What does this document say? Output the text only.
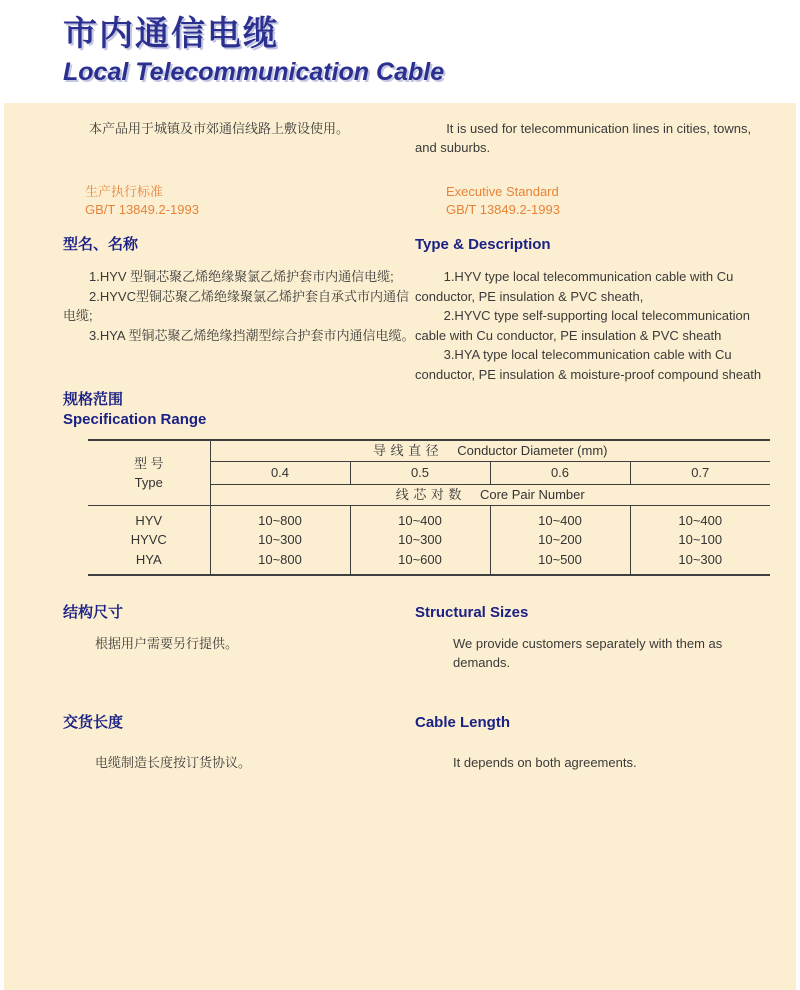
市内通信电缆
Local Telecommunication Cable

本产品用于城镇及市郊通信线路上敷设使用。	It is used for telecommunication lines in cities, towns, and suburbs.

生产执行标准
GB/T 13849.2-1993
Executive Standard
GB/T 13849.2-1993
型名、名称

1.HYV 型铜芯聚乙烯绝缘聚氯乙烯护套市内通信电缆;

2.HYVC型铜芯聚乙烯绝缘聚氯乙烯护套自承式市内通信电缆;

3.HYA 型铜芯聚乙烯绝缘挡潮型综合护套市内通信电缆。

Type & Description

1.HYV type local telecommunication cable with Cu conductor, PE insulation & PVC sheath,

2.HYVC type self-supporting local telecommunication cable with Cu conductor, PE insulation & PVC sheath

3.HYA type local telecommunication cable with Cu conductor, PE insulation & moisture-proof compound sheath

规格范围
Specification Range
型 号
Type	导线直径 Conductor Diameter (mm)			
	0.4	0.5	0.6	0.7
	线芯对数 Core Pair Number			
HYV	10~800	10~400	10~400	10~400
HYVC	10~300	10~300	10~200	10~100
HYA	10~800	10~600	10~500	10~300
结构尺寸	Structural Sizes

根据用户需要另行提供。	We provide customers separately with them as demands.

交货长度	Cable Length

电缆制造长度按订货协议。	It depends on both agreements.
